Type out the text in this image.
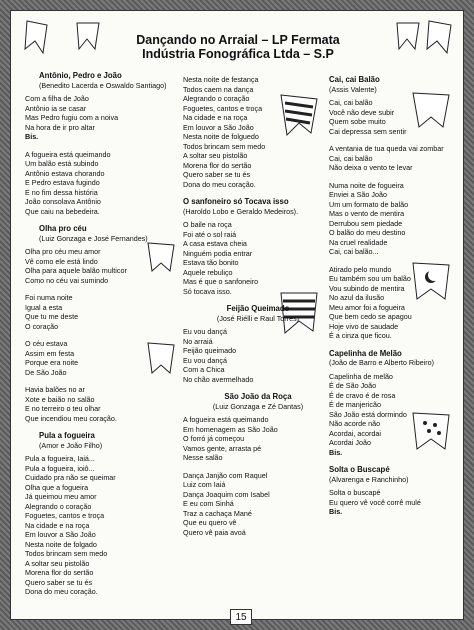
Dançando no Arraial – LP Fermata
Indústria Fonográfica Ltda – S.P
Antônio, Pedro e João
(Benedito Lacerda e Oswaldo Santiago)
Com a filha de João
Antônio ia se casar
Mas Pedro fugiu com a noiva
Na hora de ir pro altar
Bis.
A fogueira está queimando
Um balão está subindo
Antônio estava chorando
E Pedro estava fugindo
E no fim dessa história
João consolava Antônio
Que caiu na bebedeira.
Olha pro céu
(Luiz Gonzaga e José Fernandes)
Olha pro céu meu amor
Vê como ele está lindo
Olha para aquele balão multicor
Como no céu vai sumindo
Foi numa noite
Igual a esta
Que tu me deste
O coração
O céu estava
Assim em festa
Porque era noite
De São João
Havia balões no ar
Xote e baião no salão
E no terreiro o teu olhar
Que incendiou meu coração.
Pula a fogueira
(Amor e João Filho)
Pula a fogueira, Iaiá...
Pula a fogueira, ioiô...
Cuidado pra não se queimar
Olha que a fogueira
Já queimou meu amor
Alegrando o coração
Foguetes, cantos e troça
Na cidade e na roça
Em louvor a São João
Nesta noite de folgado
Todos brincam sem medo
A soltar seu pistolão
Morena flor do sertão
Quero saber se tu és
Dona do meu coração.
Nesta noite de festança
Todos caem na dança
Alegrando o coração
Foguetes, cantos e troça
Na cidade e na roça
Em louvor a São João
Nesta noite de folguedo
Todos brincam sem medo
A soltar seu pistolão
Morena flor do sertão
Quero saber se tu és
Dona do meu coração.
O sanfoneiro só Tocava isso
(Haroldo Lobo e Geraldo Medeiros).
O baile na roça
Foi até o sol raiá
A casa estava cheia
Ninguém podia entrar
Estava tão bonito
Aquele rebuliço
Mas é que o sanfoneiro
Só tocava isso.
Feijão Queimado
(José Riélli e Raul Torres)
Eu vou dançá
No arraiá
Feijão queimado
Eu vou dançá
Com a Chica
No chão avermelhado
São João da Roça
(Luiz Gonzaga e Zé Dantas)
A fogueira está queimando
Em homenagem as São João
O forró já começou
Vamos gente, arrasta pé
Nesse salão
Dança Janjão com Raquel
Luiz com Iaiá
Dança Joaquim com Isabel
E eu com Sinhá
Traz a cachaça Mané
Que eu quero vê
Quero vê paia avoá
Cai, cai Balão
(Assis Valente)
Cai, cai balão
Você não deve subir
Quem sobe muito
Cai depressa sem sentir
A ventania de tua queda vai zombar
Cai, cai balão
Não deixa o vento te levar
Numa noite de fogueira
Enviei a São João
Um um formato de balão
Mas o vento de mentira
Derrubou sem piedade
O balão do meu destino
Na cruel realidade
Cai, cai balão...
Atirado pelo mundo
Eu também sou um balão
Vou subindo de mentira
No azul da ilusão
Meu amor foi a fogueira
Que bem cedo se apagou
Hoje vivo de saudade
É a cinza que ficou.
Capelinha de Melão
(João de Barro e Alberto Ribeiro)
Capelinha de melão
É de São João
É de cravo é de rosa
É de manjericão
São João está dormindo
Não acorde não
Acordai, acordai
Acordai João
Bis.
Solta o Buscapé
(Alvarenga e Ranchinho)
Solta o buscapé
Eu quero vê você corrê mulé
Bis.
15
